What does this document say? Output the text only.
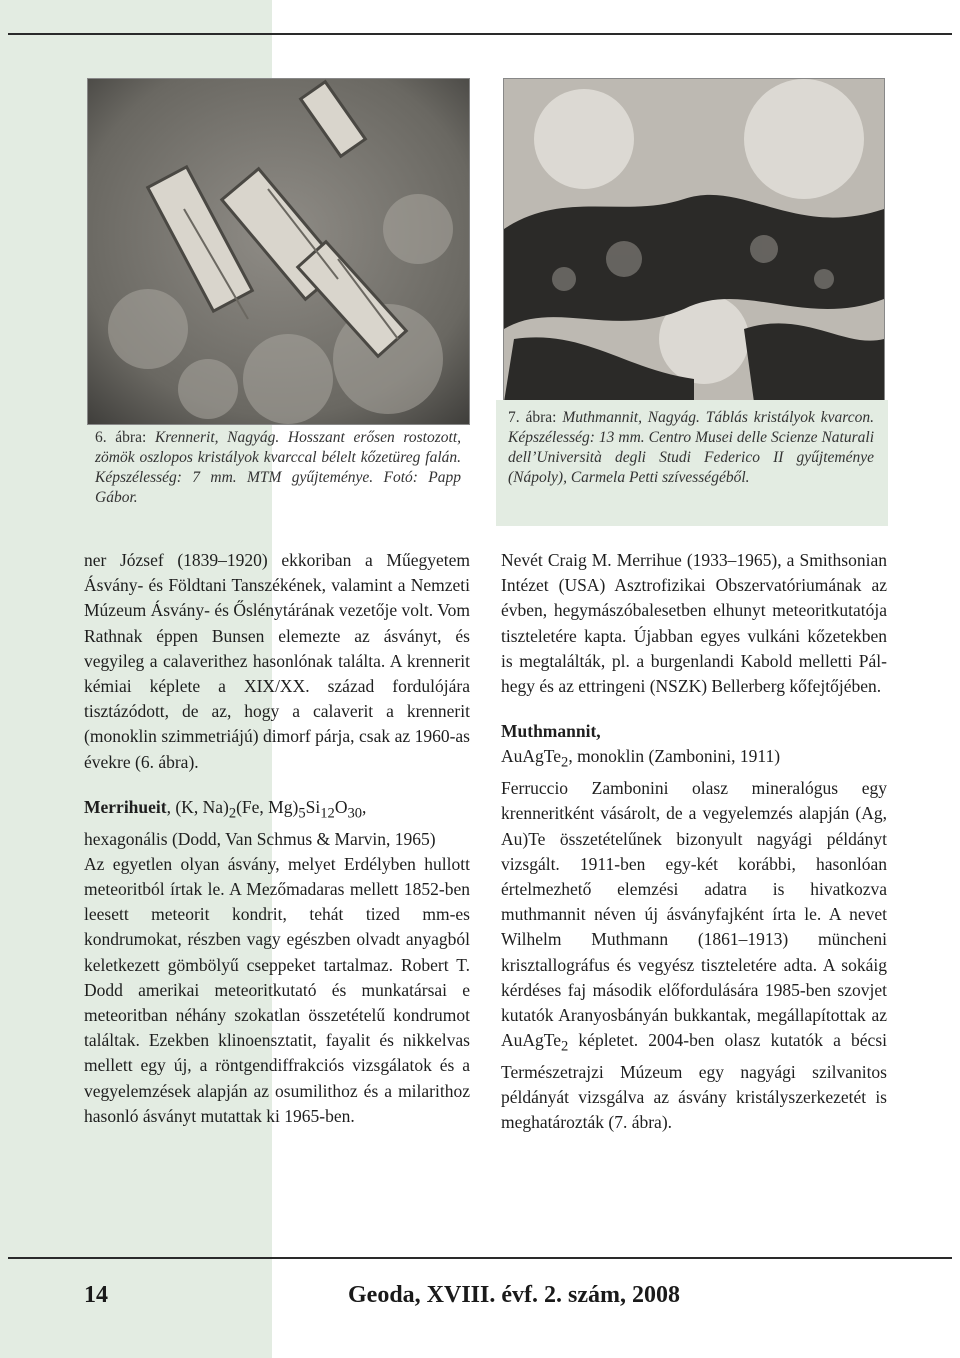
6. ábra: Krennerit, Nagyág. Hosszant erősen rostozott, zömök oszlopos kristályok kvarccal bélelt kőzetüreg falán. Képszélesség: 7 mm. MTM gyűjteménye. Fotó: Papp Gábor.

7. ábra: Muthmannit, Nagyág. Táblás kristályok kvarcon. Képszélesség: 13 mm. Centro Musei delle Scienze Naturali dell’Università degli Studi Federico II gyűjteménye (Nápoly), Carmela Petti szívességéből.

ner József (1839–1920) ekkoriban a Műegyetem Ásvány- és Földtani Tanszékének, valamint a Nemzeti Múzeum Ásvány- és Őslénytárának vezetője volt. Vom Rathnak éppen Bunsen elemezte az ásványt, és vegyileg a calaverithez hasonlónak találta. A krennerit kémiai képlete a XIX/XX. század fordulójára tisztázódott, de az, hogy a calaverit a krennerit (monoklin szimmetriájú) dimorf párja, csak az 1960-as évekre (6. ábra).

Merrihueit, (K, $Na)_2(Fe$, $Mg)_5Si_{12}O_{30}$,

hexagonális (Dodd, Van Schmus & Marvin, 1965)

Az egyetlen olyan ásvány, melyet Erdélyben hullott meteoritból írtak le. A Mezőmadaras mellett 1852-ben leesett meteorit kondrit, tehát tized mm-es kondrumokat, részben vagy egészben olvadt anyagból keletkezett gömbölyű cseppeket tartalmaz. Robert T. Dodd amerikai meteoritkutató és munkatársai e meteoritban néhány szokatlan összetételű kondrumot találtak. Ezekben klinoensztatit, fayalit és nikkelvas mellett egy új, a röntgendiffrakciós vizsgálatok és a vegyelemzések alapján az osumilithoz és a milarithoz hasonló ásványt mutattak ki 1965-ben.

Nevét Craig M. Merrihue (1933–1965), a Smithsonian Intézet (USA) Asztrofizikai Obszervatóriumának az évben, hegymászóbalesetben elhunyt meteoritkutatója tiszteletére kapta. Újabban egyes vulkáni kőzetekben is megtalálták, pl. a burgenlandi Kabold melletti Pál-hegy és az ettringeni (NSZK) Bellerberg kőfejtőjében.

Muthmannit,

AuAgTe$_2$, monoklin (Zambonini, 1911)

Ferruccio Zambonini olasz mineralógus egy krenneritként vásárolt, de a vegyelemzés alapján (Ag, Au)Te összetételűnek bizonyult nagyági példányt vizsgált. 1911-ben egy-két korábbi, hasonlóan értelmezhető elemzési adatra is hivatkozva muthmannit néven új ásványfajként írta le. A nevet Wilhelm Muthmann (1861–1913) müncheni krisztallográfus és vegyész tiszteletére adta. A sokáig kérdéses faj második előfordulására 1985-ben szovjet kutatók Aranyosbányán bukkantak, megállapítottak az AuAgTe$_2$ képletet. 2004-ben olasz kutatók a bécsi Természetrajzi Múzeum egy nagyági szilvanitos példányát vizsgálva az ásvány kristályszerkezetét is meghatározták (7. ábra).

14	Geoda, XVIII. évf. 2. szám, 2008
